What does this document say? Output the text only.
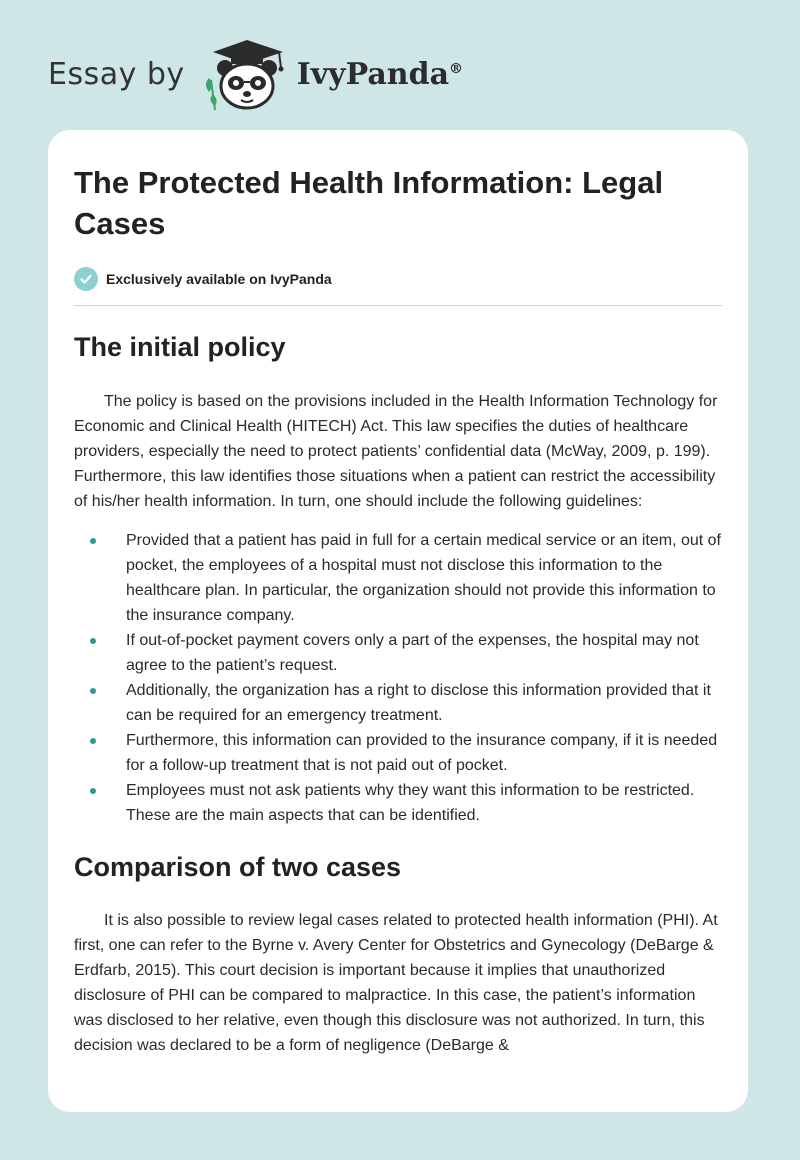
Essay by	IvyPanda®
The Protected Health Information: Legal Cases
Exclusively available on IvyPanda
The initial policy

The policy is based on the provisions included in the Health Information Technology for Economic and Clinical Health (HITECH) Act. This law specifies the duties of healthcare providers, especially the need to protect patients’ confidential data (McWay, 2009, p. 199). Furthermore, this law identifies those situations when a patient can restrict the accessibility of his/her health information. In turn, one should include the following guidelines:

Provided that a patient has paid in full for a certain medical service or an item, out of pocket, the employees of a hospital must not disclose this information to the healthcare plan. In particular, the organization should not provide this information to the insurance company.
If out-of-pocket payment covers only a part of the expenses, the hospital may not agree to the patient’s request.
Additionally, the organization has a right to disclose this information provided that it can be required for an emergency treatment.
Furthermore, this information can provided to the insurance company, if it is needed for a follow-up treatment that is not paid out of pocket.
Employees must not ask patients why they want this information to be restricted. These are the main aspects that can be identified.
Comparison of two cases

It is also possible to review legal cases related to protected health information (PHI). At first, one can refer to the Byrne v. Avery Center for Obstetrics and Gynecology (DeBarge & Erdfarb, 2015). This court decision is important because it implies that unauthorized disclosure of PHI can be compared to malpractice. In this case, the patient’s information was disclosed to her relative, even though this disclosure was not authorized. In turn, this decision was declared to be a form of negligence (DeBarge &
